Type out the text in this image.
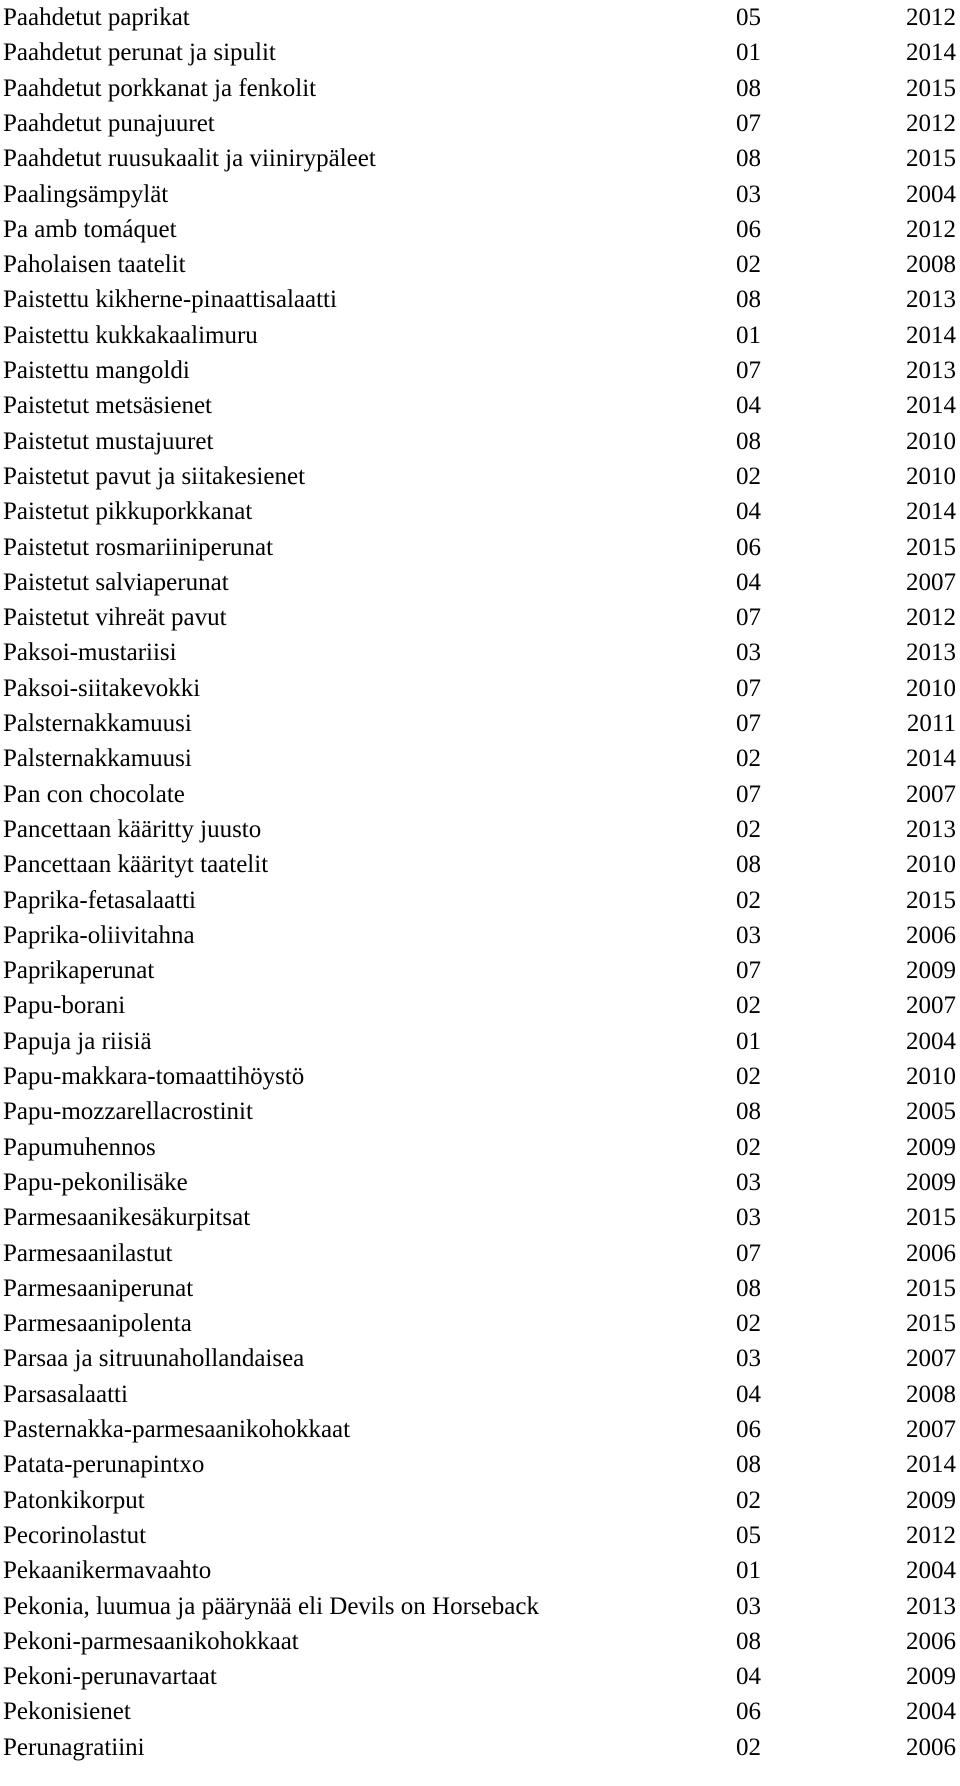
Paahdetut paprikat	05	2012
Paahdetut perunat ja sipulit	01	2014
Paahdetut porkkanat ja fenkolit	08	2015
Paahdetut punajuuret	07	2012
Paahdetut ruusukaalit ja viinirypäleet	08	2015
Paalingsämpylät	03	2004
Pa amb tomáquet	06	2012
Paholaisen taatelit	02	2008
Paistettu kikherne-pinaattisalaatti	08	2013
Paistettu kukkakaalimuru	01	2014
Paistettu mangoldi	07	2013
Paistetut metsäsienet	04	2014
Paistetut mustajuuret	08	2010
Paistetut pavut ja siitakesienet	02	2010
Paistetut pikkuporkkanat	04	2014
Paistetut rosmariiniperunat	06	2015
Paistetut salviaperunat	04	2007
Paistetut vihreät pavut	07	2012
Paksoi-mustariisi	03	2013
Paksoi-siitakevokki	07	2010
Palsternakkamuusi	07	2011
Palsternakkamuusi	02	2014
Pan con chocolate	07	2007
Pancettaan kääritty juusto	02	2013
Pancettaan käärityt taatelit	08	2010
Paprika-fetasalaatti	02	2015
Paprika-oliivitahna	03	2006
Paprikaperunat	07	2009
Papu-borani	02	2007
Papuja ja riisiä	01	2004
Papu-makkara-tomaattihöystö	02	2010
Papu-mozzarellacrostinit	08	2005
Papumuhennos	02	2009
Papu-pekonilisäke	03	2009
Parmesaanikesäkurpitsat	03	2015
Parmesaanilastut	07	2006
Parmesaaniperunat	08	2015
Parmesaanipolenta	02	2015
Parsaa ja sitruunahollandaisea	03	2007
Parsasalaatti	04	2008
Pasternakka-parmesaanikohokkaat	06	2007
Patata-perunapintxo	08	2014
Patonkikorput	02	2009
Pecorinolastut	05	2012
Pekaanikermavaahto	01	2004
Pekonia, luumua ja päärynää eli Devils on Horseback	03	2013
Pekoni-parmesaanikohokkaat	08	2006
Pekoni-perunavartaat	04	2009
Pekonisienet	06	2004
Perunagratiini	02	2006
